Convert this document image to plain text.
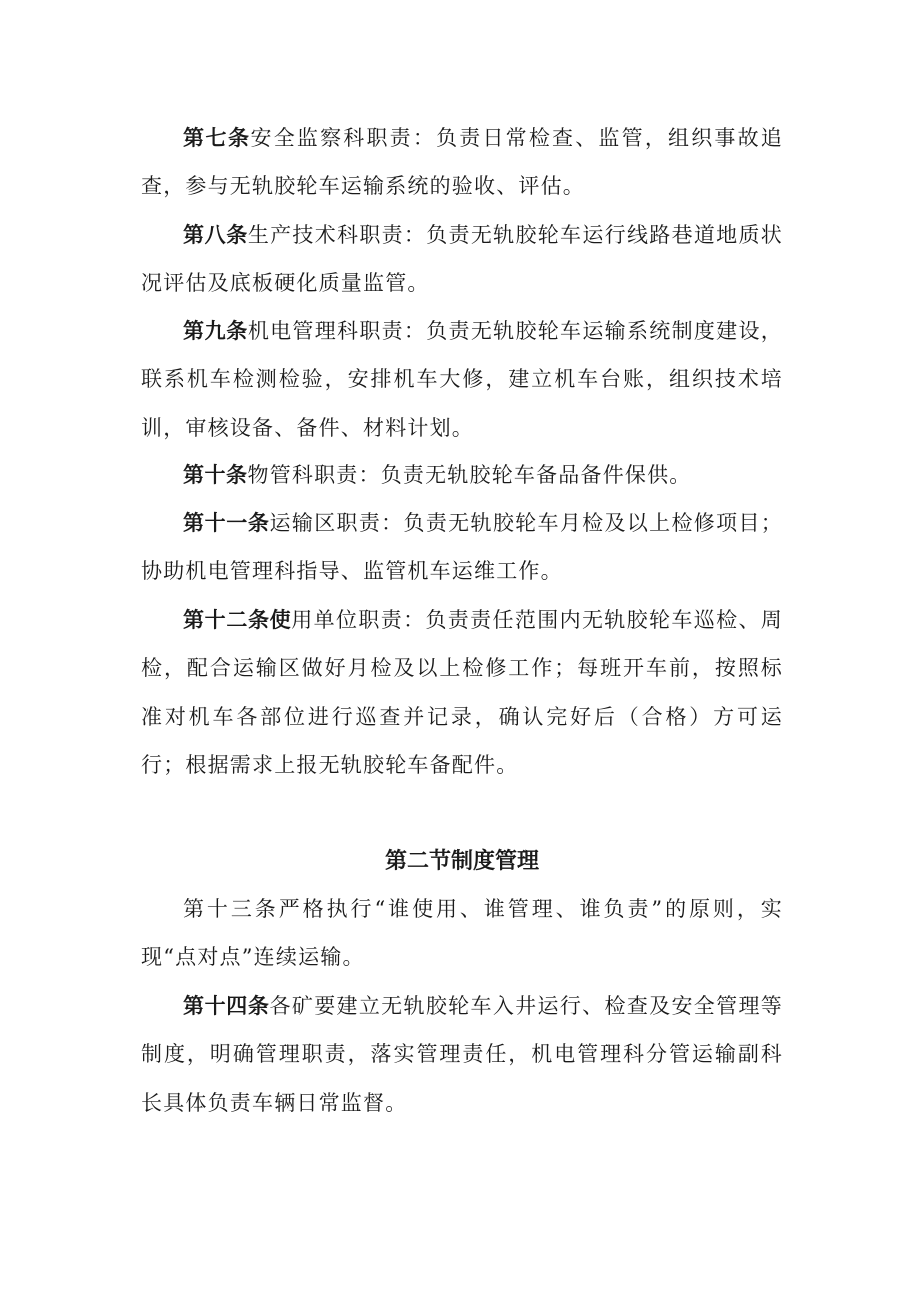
第七条安全监察科职责：负责日常检查、监管，组织事故追查，参与无轨胶轮车运输系统的验收、评估。

第八条生产技术科职责：负责无轨胶轮车运行线路巷道地质状况评估及底板硬化质量监管。

第九条机电管理科职责：负责无轨胶轮车运输系统制度建设，联系机车检测检验，安排机车大修，建立机车台账，组织技术培训，审核设备、备件、材料计划。

第十条物管科职责：负责无轨胶轮车备品备件保供。

第十一条运输区职责：负责无轨胶轮车月检及以上检修项目；协助机电管理科指导、监管机车运维工作。

第十二条使用单位职责：负责责任范围内无轨胶轮车巡检、周检，配合运输区做好月检及以上检修工作；每班开车前，按照标准对机车各部位进行巡查并记录，确认完好后（合格）方可运行；根据需求上报无轨胶轮车备配件。

第二节制度管理

第十三条严格执行“谁使用、谁管理、谁负责”的原则，实现“点对点”连续运输。

第十四条各矿要建立无轨胶轮车入井运行、检查及安全管理等制度，明确管理职责，落实管理责任，机电管理科分管运输副科长具体负责车辆日常监督。
